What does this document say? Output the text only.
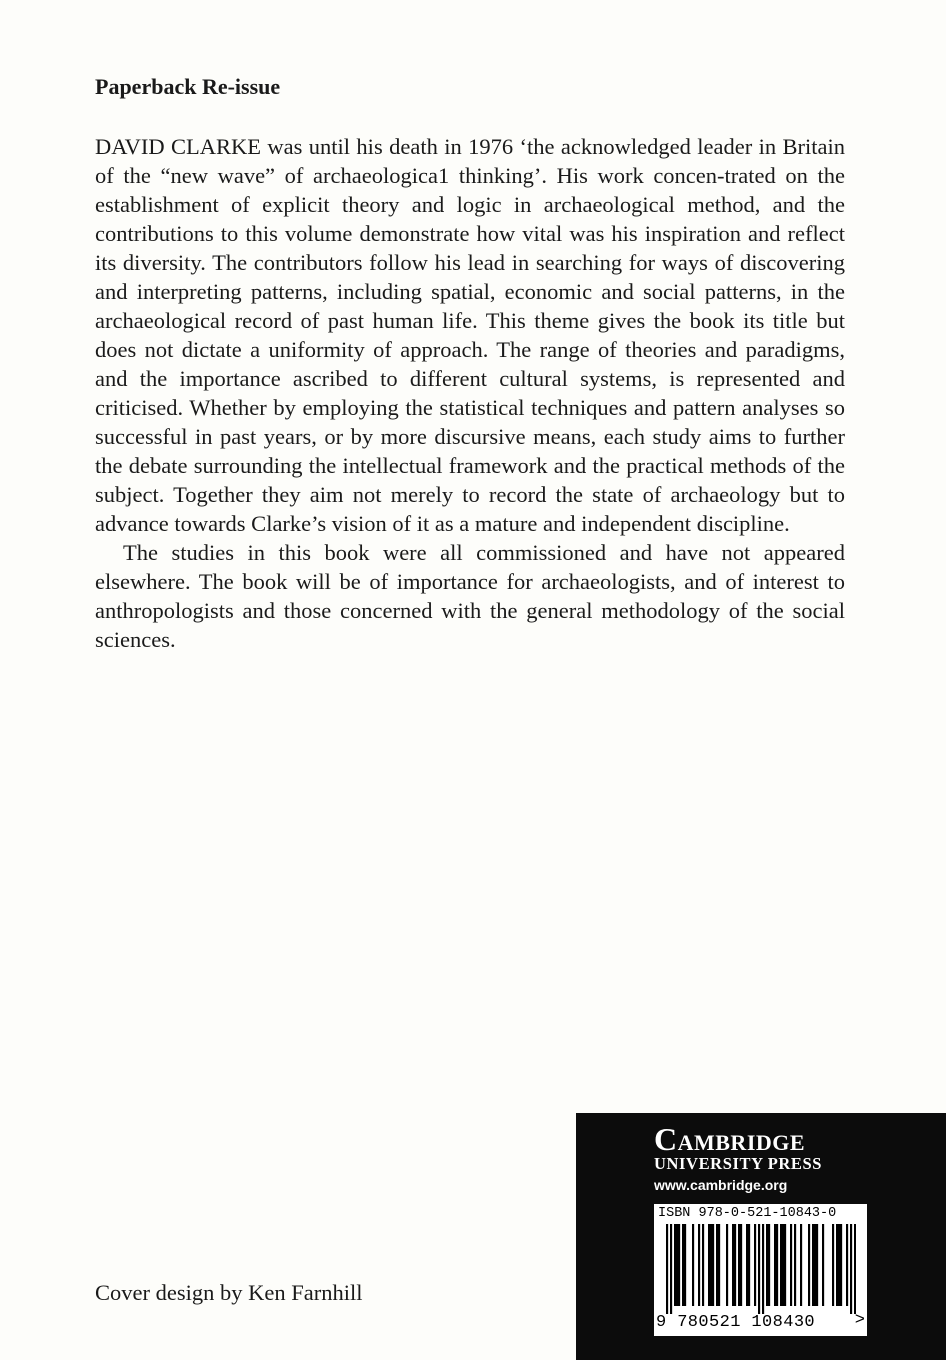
Paperback Re-issue

DAVID CLARKE was until his death in 1976 ‘the acknowledged leader in Britain of the “new wave” of archaeologica1 thinking’. His work concen-trated on the establishment of explicit theory and logic in archaeological method, and the contributions to this volume demonstrate how vital was his inspiration and reflect its diversity. The contributors follow his lead in searching for ways of discovering and interpreting patterns, including spatial, economic and social patterns, in the archaeological record of past human life. This theme gives the book its title but does not dictate a uniformity of approach. The range of theories and paradigms, and the importance ascribed to different cultural systems, is represented and criticised. Whether by employing the statistical techniques and pattern analyses so successful in past years, or by more discursive means, each study aims to further the debate surrounding the intellectual framework and the practical methods of the subject. Together they aim not merely to record the state of archaeology but to advance towards Clarke’s vision of it as a mature and independent discipline.

The studies in this book were all commissioned and have not appeared elsewhere. The book will be of importance for archaeologists, and of interest to anthropologists and those concerned with the general methodology of the social sciences.

Cover design by Ken Farnhill
Cambridge
UNIVERSITY PRESS
www.cambridge.org
ISBN 978-0-521-10843-0
9 780521 108430	>
